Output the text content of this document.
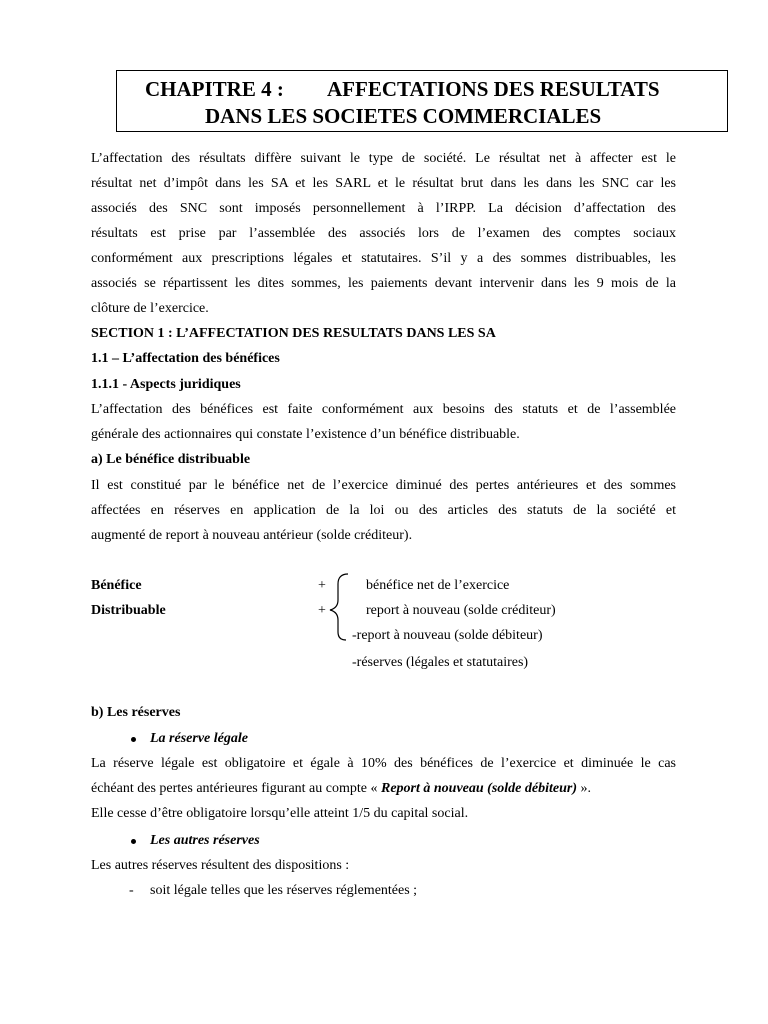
CHAPITRE 4 : AFFECTATIONS DES RESULTATS
DANS LES SOCIETES COMMERCIALES
L’affectation des résultats diffère suivant le type de société. Le résultat net à affecter est le
résultat net d’impôt dans les SA et les SARL et le résultat brut dans les dans les SNC car les
associés des SNC sont imposés personnellement à l’IRPP. La décision d’affectation des
résultats est prise par l’assemblée des associés lors de l’examen des comptes sociaux
conformément aux prescriptions légales et statutaires. S’il y a des sommes distribuables, les
associés se répartissent les dites sommes, les paiements devant intervenir dans les 9 mois de la
clôture de l’exercice.
SECTION 1 : L’AFFECTATION DES RESULTATS DANS LES SA
1.1 – L’affectation des bénéfices
1.1.1 - Aspects juridiques
L’affectation des bénéfices est faite conformément aux besoins des statuts et de l’assemblée
générale des actionnaires qui constate l’existence d’un bénéfice distribuable.
a) Le bénéfice distribuable
Il est constitué par le bénéfice net de l’exercice diminué des pertes antérieures et des sommes
affectées en réserves en application de la loi ou des articles des statuts de la société et
augmenté de report à nouveau antérieur (solde créditeur).
Bénéfice
Distribuable
+
+
bénéfice net de l’exercice
report à nouveau (solde créditeur)
-report à nouveau (solde débiteur)
-réserves (légales et statutaires)
b) Les réserves
La réserve légale
La réserve légale est obligatoire et égale à 10% des bénéfices de l’exercice et diminuée le cas
échéant des pertes antérieures figurant au compte « Report à nouveau (solde débiteur) ».
Elle cesse d’être obligatoire lorsqu’elle atteint 1/5 du capital social.
Les autres réserves
Les autres réserves résultent des dispositions :
- soit légale telles que les réserves réglementées ;
